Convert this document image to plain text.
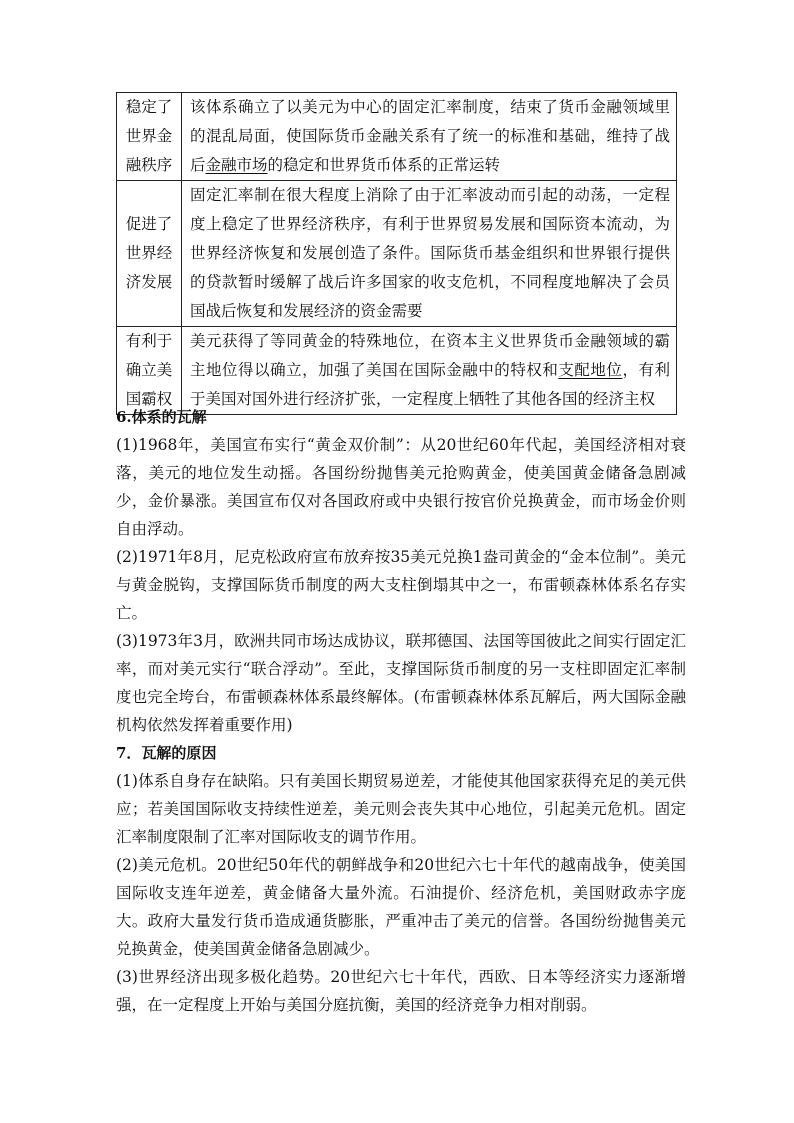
稳定了
世界金
融秩序	该体系确立了以美元为中心的固定汇率制度，结束了货币金融领域里的混乱局面，使国际货币金融关系有了统一的标准和基础，维持了战后金融市场的稳定和世界货币体系的正常运转

促进了
世界经
济发展	固定汇率制在很大程度上消除了由于汇率波动而引起的动荡，一定程度上稳定了世界经济秩序，有利于世界贸易发展和国际资本流动，为世界经济恢复和发展创造了条件。国际货币基金组织和世界银行提供的贷款暂时缓解了战后许多国家的收支危机，不同程度地解决了会员国战后恢复和发展经济的资金需要

有利于
确立美
国霸权	美元获得了等同黄金的特殊地位，在资本主义世界货币金融领域的霸主地位得以确立，加强了美国在国际金融中的特权和支配地位，有利于美国对国外进行经济扩张，一定程度上牺牲了其他各国的经济主权
6.体系的瓦解

(1)1968年，美国宣布实行“黄金双价制”：从20世纪60年代起，美国经济相对衰落，美元的地位发生动摇。各国纷纷抛售美元抢购黄金，使美国黄金储备急剧减少，金价暴涨。美国宣布仅对各国政府或中央银行按官价兑换黄金，而市场金价则自由浮动。

(2)1971年8月，尼克松政府宣布放弃按35美元兑换1盎司黄金的“金本位制”。美元与黄金脱钩，支撑国际货币制度的两大支柱倒塌其中之一，布雷顿森林体系名存实亡。

(3)1973年3月，欧洲共同市场达成协议，联邦德国、法国等国彼此之间实行固定汇率，而对美元实行“联合浮动”。至此，支撑国际货币制度的另一支柱即固定汇率制度也完全垮台，布雷顿森林体系最终解体。(布雷顿森林体系瓦解后，两大国际金融机构依然发挥着重要作用)

7．瓦解的原因

(1)体系自身存在缺陷。只有美国长期贸易逆差，才能使其他国家获得充足的美元供应；若美国国际收支持续性逆差，美元则会丧失其中心地位，引起美元危机。固定汇率制度限制了汇率对国际收支的调节作用。

(2)美元危机。20世纪50年代的朝鲜战争和20世纪六七十年代的越南战争，使美国国际收支连年逆差，黄金储备大量外流。石油提价、经济危机，美国财政赤字庞大。政府大量发行货币造成通货膨胀，严重冲击了美元的信誉。各国纷纷抛售美元兑换黄金，使美国黄金储备急剧减少。

(3)世界经济出现多极化趋势。20世纪六七十年代，西欧、日本等经济实力逐渐增强，在一定程度上开始与美国分庭抗衡，美国的经济竞争力相对削弱。
